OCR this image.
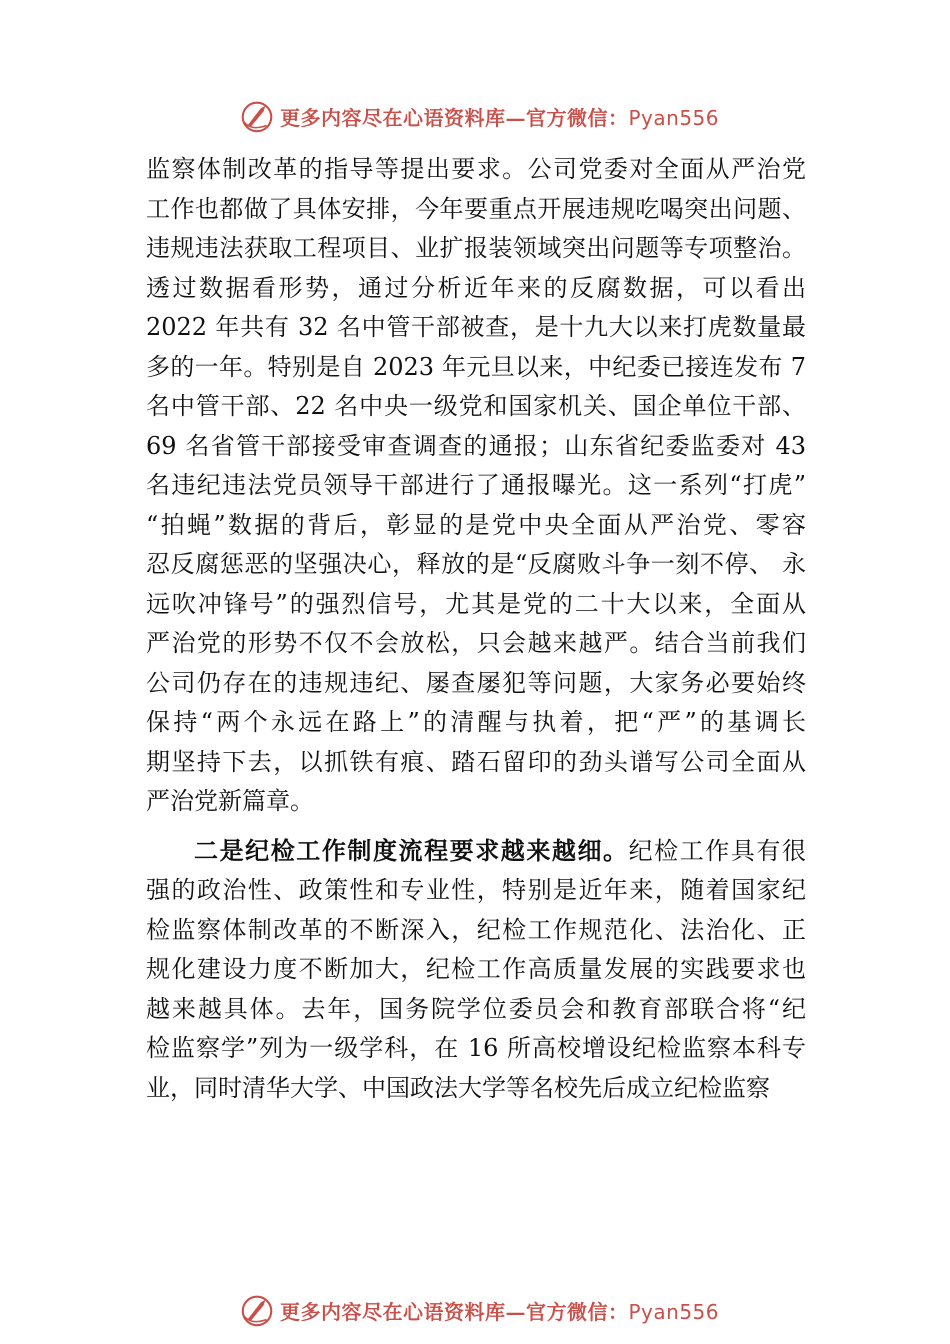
更多内容尽在心语资料库—官方微信：Pyan556
监察体制改革的指导等提出要求。公司党委对全面从严治党
工作也都做了具体安排，今年要重点开展违规吃喝突出问题、
违规违法获取工程项目、业扩报装领域突出问题等专项整治。
透过数据看形势，通过分析近年来的反腐数据，可以看出
2022 年共有 32 名中管干部被查，是十九大以来打虎数量最
多的一年。特别是自 2023 年元旦以来，中纪委已接连发布 7
名中管干部、22 名中央一级党和国家机关、国企单位干部、
69 名省管干部接受审查调查的通报；山东省纪委监委对 43
名违纪违法党员领导干部进行了通报曝光。这一系列“打虎”
“拍蝇”数据的背后，彰显的是党中央全面从严治党、零容
忍反腐惩恶的坚强决心，释放的是“反腐败斗争一刻不停、 永
远吹冲锋号”的强烈信号，尤其是党的二十大以来，全面从
严治党的形势不仅不会放松，只会越来越严。结合当前我们
公司仍存在的违规违纪、屡查屡犯等问题，大家务必要始终
保持“两个永远在路上”的清醒与执着，把“严”的基调长
期坚持下去，以抓铁有痕、踏石留印的劲头谱写公司全面从
严治党新篇章。
二是纪检工作制度流程要求越来越细。纪检工作具有很
强的政治性、政策性和专业性，特别是近年来，随着国家纪
检监察体制改革的不断深入，纪检工作规范化、法治化、正
规化建设力度不断加大，纪检工作高质量发展的实践要求也
越来越具体。去年，国务院学位委员会和教育部联合将“纪
检监察学”列为一级学科，在 16 所高校增设纪检监察本科专
业，同时清华大学、中国政法大学等名校先后成立纪检监察
更多内容尽在心语资料库—官方微信：Pyan556
